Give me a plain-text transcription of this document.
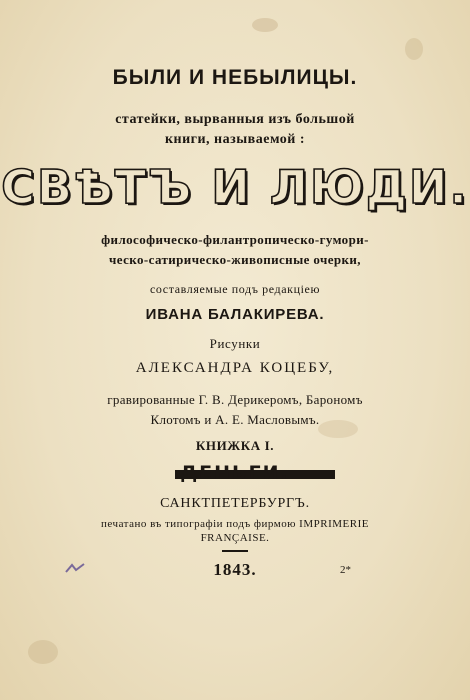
БЫЛИ И НЕБЫЛИЦЫ.
статейки, вырванныя изъ большой
книги, называемой :
СВѢТЪ И ЛЮДИ.
философическо-филантропическо-гумори-
ческо-сатирическо-живописные очерки,
составляемые подъ редакцiею
ИВАНА БАЛАКИРЕВА.
Рисунки
АЛЕКСАНДРА КОЦЕБУ,
гравированные Г. В. Дерикеромъ, Барономъ
Клотомъ и А. Е. Масловымъ.
КНИЖКА I.
ДЕНЬГИ.
САНКТПЕТЕРБУРГЪ.
печатано въ типографiи подъ фирмою IMPRIMERIE
FRANÇAISE.
1843.	2*
